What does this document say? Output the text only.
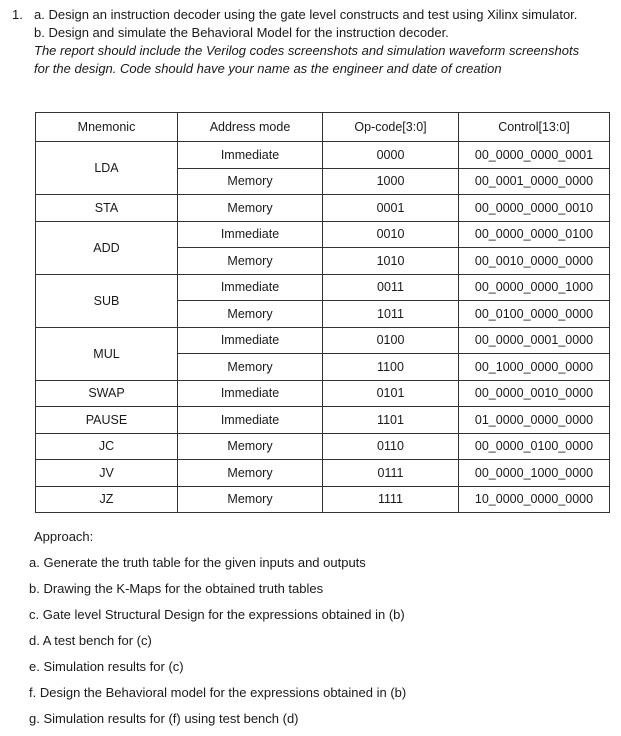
1. a. Design an instruction decoder using the gate level constructs and test using Xilinx simulator.
b. Design and simulate the Behavioral Model for the instruction decoder.
The report should include the Verilog codes screenshots and simulation waveform screenshots
for the design. Code should have your name as the engineer and date of creation
Mnemonic	Address mode	Op-code[3:0]	Control[13:0]
LDA	Immediate	0000	00_0000_0000_0001
	Memory	1000	00_0001_0000_0000
STA	Memory	0001	00_0000_0000_0010
ADD	Immediate	0010	00_0000_0000_0100
	Memory	1010	00_0010_0000_0000
SUB	Immediate	0011	00_0000_0000_1000
	Memory	1011	00_0100_0000_0000
MUL	Immediate	0100	00_0000_0001_0000
	Memory	1100	00_1000_0000_0000
SWAP	Immediate	0101	00_0000_0010_0000
PAUSE	Immediate	1101	01_0000_0000_0000
JC	Memory	0110	00_0000_0100_0000
JV	Memory	0111	00_0000_1000_0000
JZ	Memory	1111	10_0000_0000_0000
Approach:
a. Generate the truth table for the given inputs and outputs
b. Drawing the K-Maps for the obtained truth tables
c. Gate level Structural Design for the expressions obtained in (b)
d. A test bench for (c)
e. Simulation results for (c)
f. Design the Behavioral model for the expressions obtained in (b)
g. Simulation results for (f) using test bench (d)
